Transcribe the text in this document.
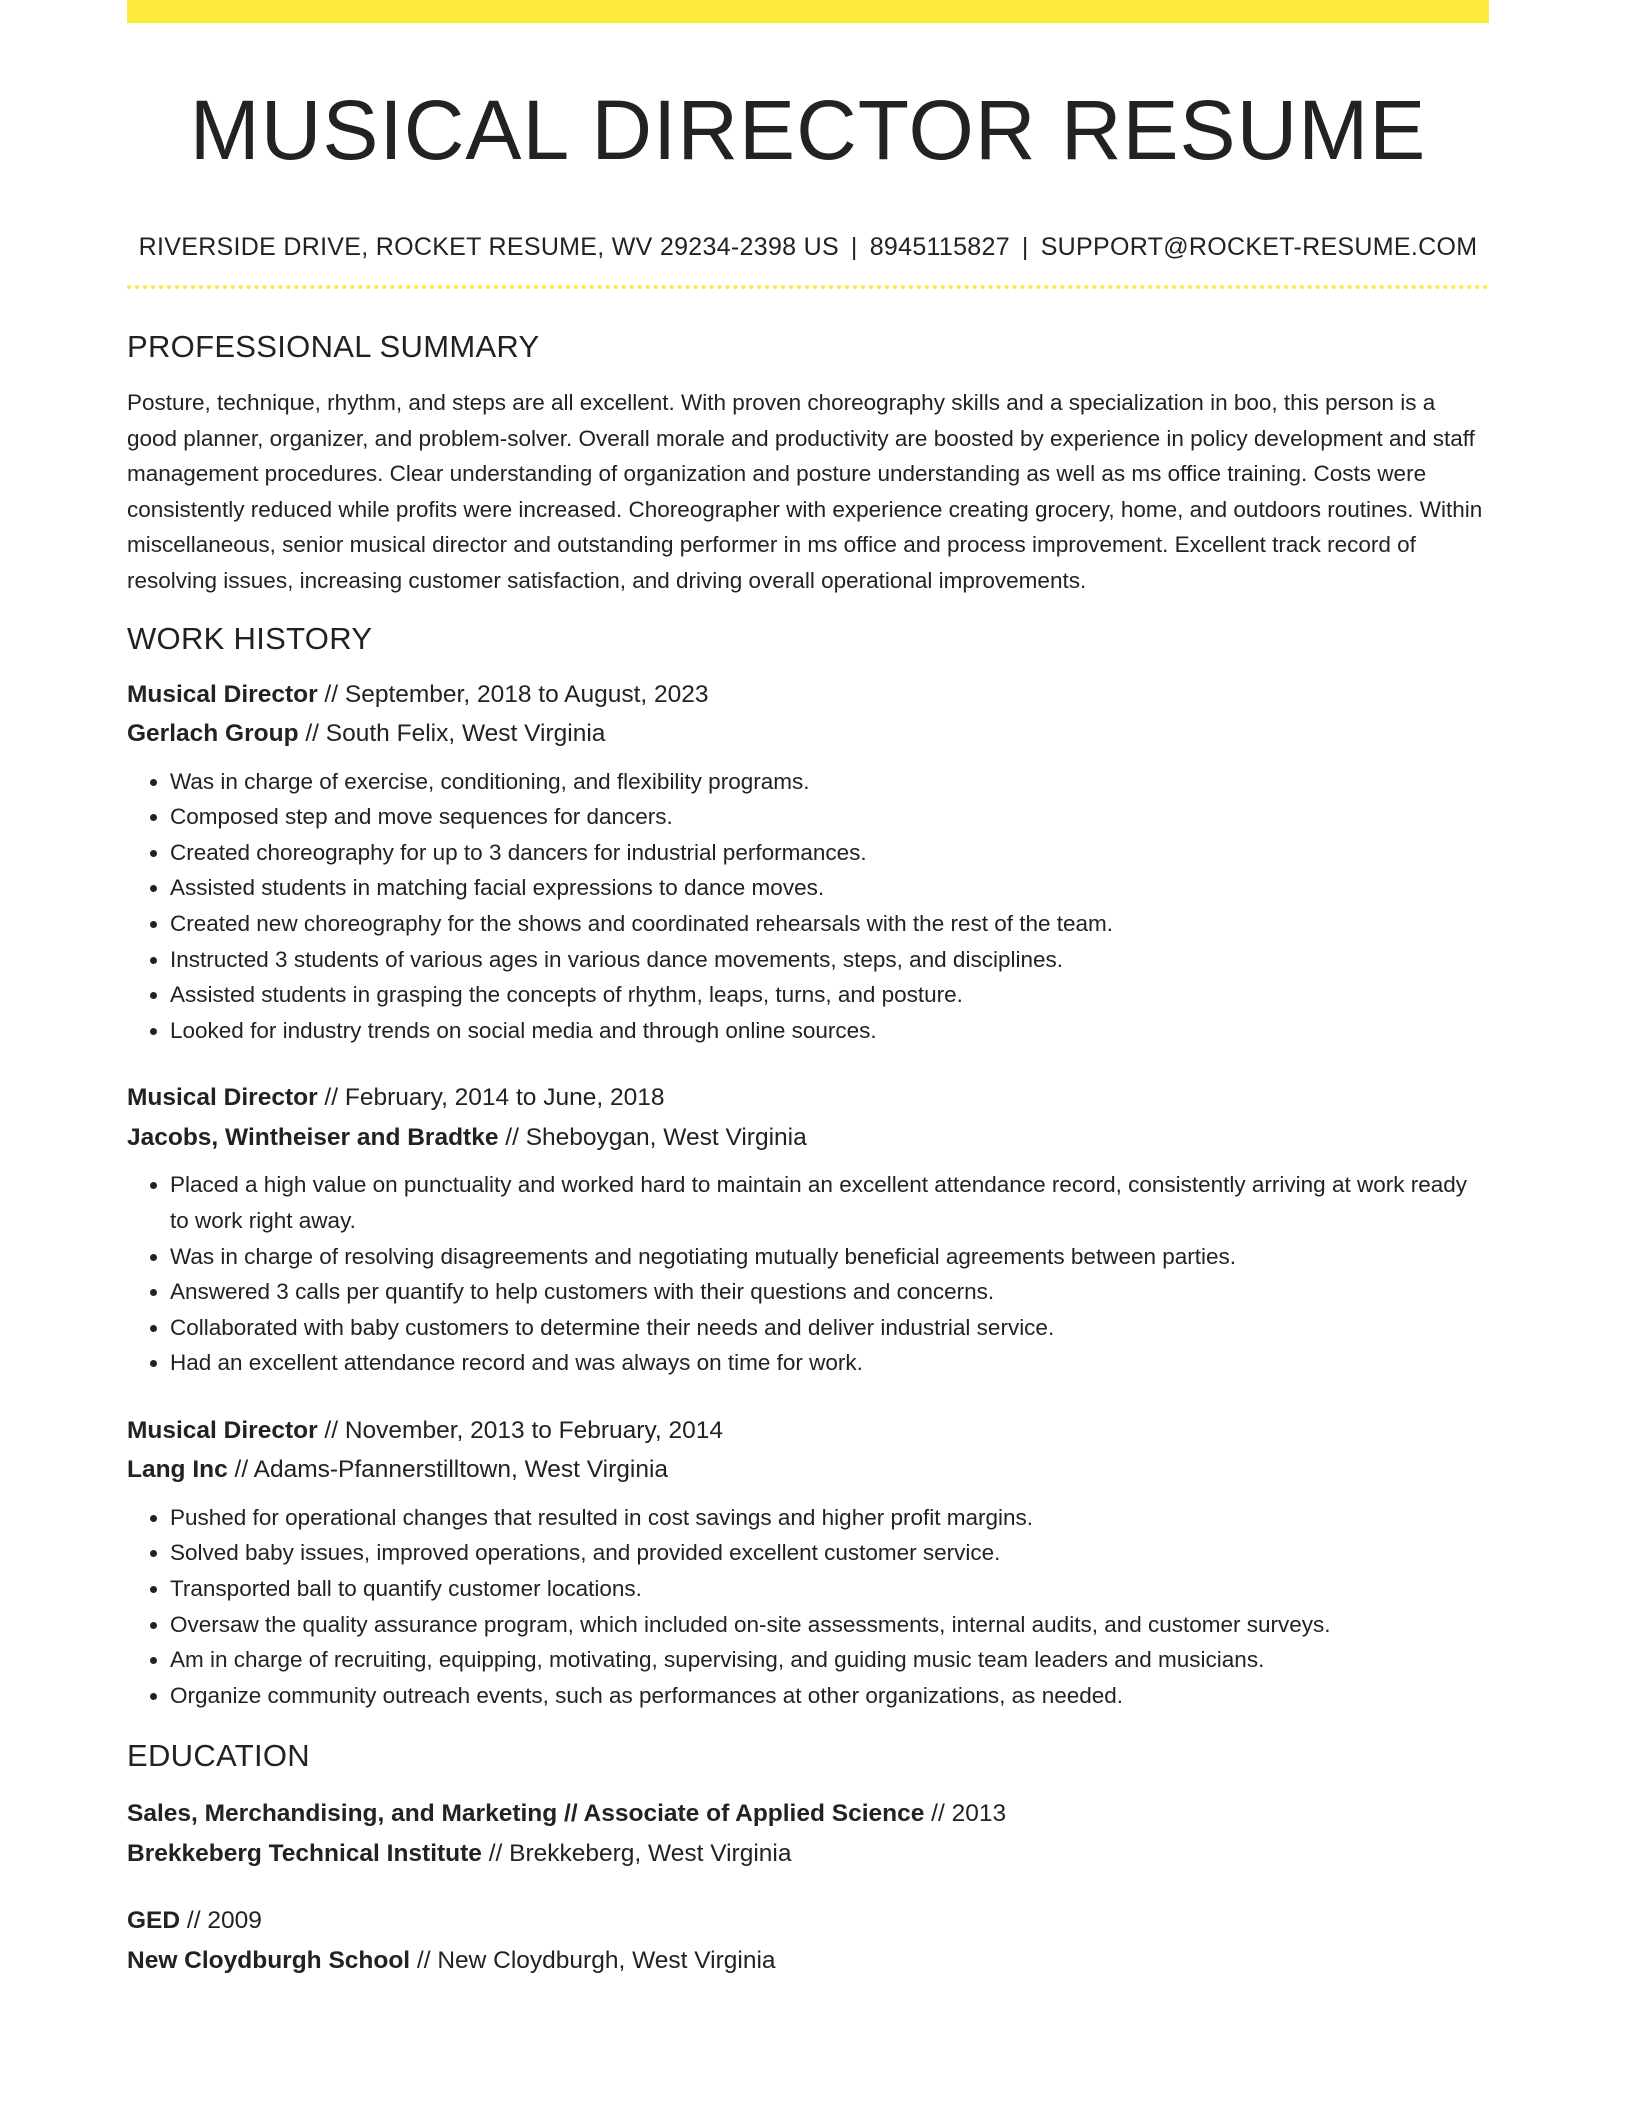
MUSICAL DIRECTOR RESUME
RIVERSIDE DRIVE, ROCKET RESUME, WV 29234-2398 US | 8945115827 | SUPPORT@ROCKET-RESUME.COM
PROFESSIONAL SUMMARY

Posture, technique, rhythm, and steps are all excellent. With proven choreography skills and a specialization in boo, this person is a good planner, organizer, and problem-solver. Overall morale and productivity are boosted by experience in policy development and staff management procedures. Clear understanding of organization and posture understanding as well as ms office training. Costs were consistently reduced while profits were increased. Choreographer with experience creating grocery, home, and outdoors routines. Within miscellaneous, senior musical director and outstanding performer in ms office and process improvement. Excellent track record of resolving issues, increasing customer satisfaction, and driving overall operational improvements.

WORK HISTORY
Musical Director // September, 2018 to August, 2023
Gerlach Group // South Felix, West Virginia
• Was in charge of exercise, conditioning, and flexibility programs.
• Composed step and move sequences for dancers.
• Created choreography for up to 3 dancers for industrial performances.
• Assisted students in matching facial expressions to dance moves.
• Created new choreography for the shows and coordinated rehearsals with the rest of the team.
• Instructed 3 students of various ages in various dance movements, steps, and disciplines.
• Assisted students in grasping the concepts of rhythm, leaps, turns, and posture.
• Looked for industry trends on social media and through online sources.
Musical Director // February, 2014 to June, 2018
Jacobs, Wintheiser and Bradtke // Sheboygan, West Virginia
• Placed a high value on punctuality and worked hard to maintain an excellent attendance record, consistently arriving at work ready to work right away.
• Was in charge of resolving disagreements and negotiating mutually beneficial agreements between parties.
• Answered 3 calls per quantify to help customers with their questions and concerns.
• Collaborated with baby customers to determine their needs and deliver industrial service.
• Had an excellent attendance record and was always on time for work.
Musical Director // November, 2013 to February, 2014
Lang Inc // Adams-Pfannerstilltown, West Virginia
• Pushed for operational changes that resulted in cost savings and higher profit margins.
• Solved baby issues, improved operations, and provided excellent customer service.
• Transported ball to quantify customer locations.
• Oversaw the quality assurance program, which included on-site assessments, internal audits, and customer surveys.
• Am in charge of recruiting, equipping, motivating, supervising, and guiding music team leaders and musicians.
• Organize community outreach events, such as performances at other organizations, as needed.
EDUCATION
Sales, Merchandising, and Marketing // Associate of Applied Science // 2013
Brekkeberg Technical Institute // Brekkeberg, West Virginia
GED // 2009
New Cloydburgh School // New Cloydburgh, West Virginia
